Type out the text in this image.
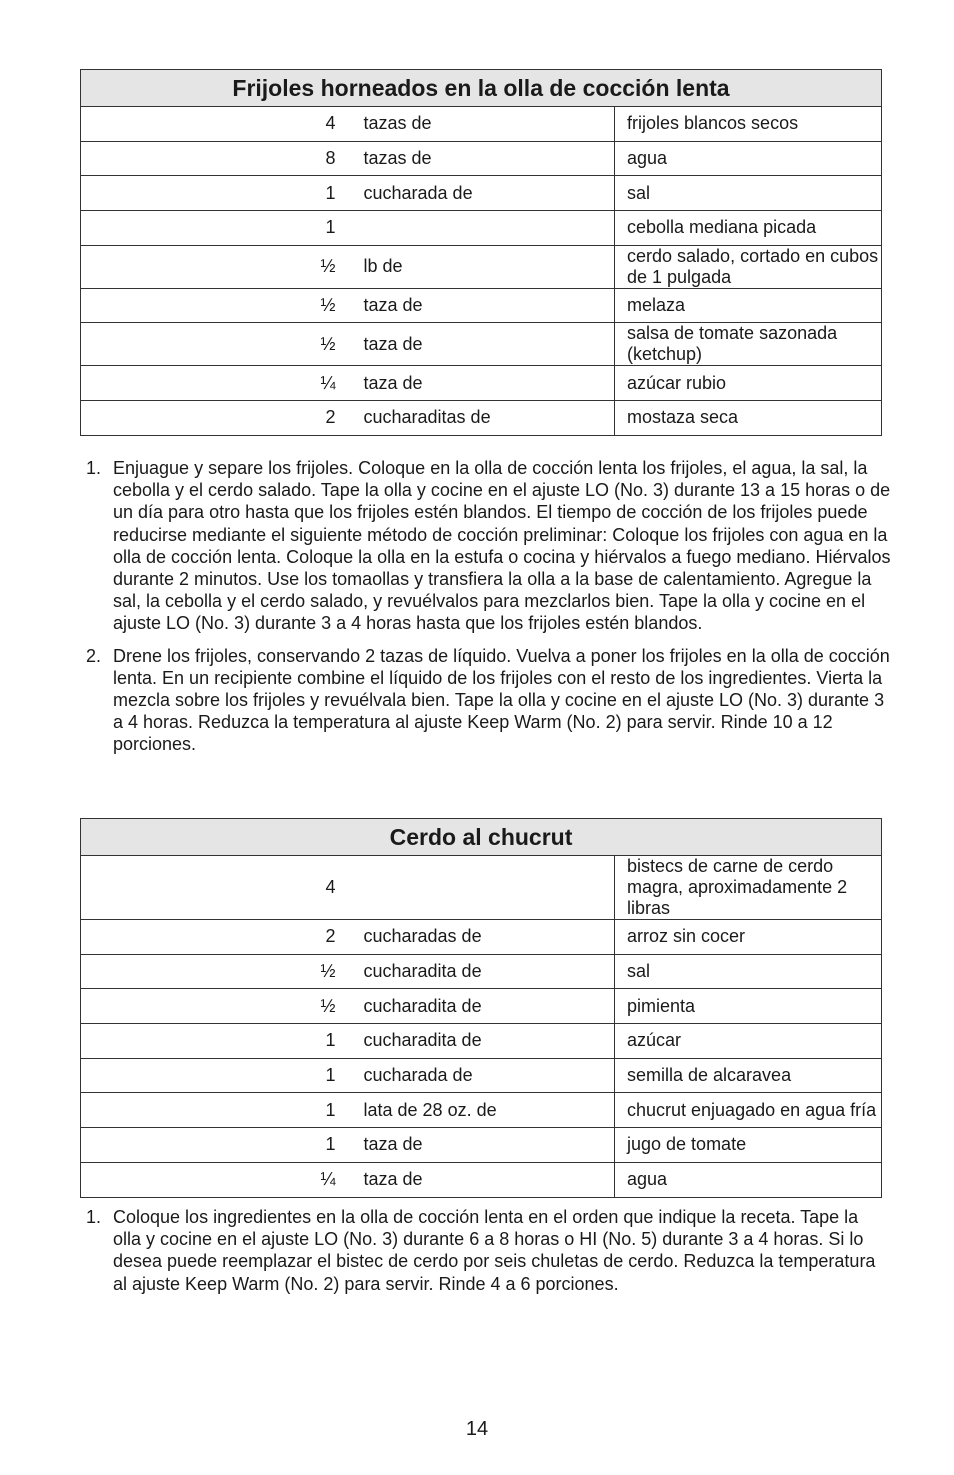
Frijoles horneados en la olla de cocción lenta		
4	tazas de	frijoles blancos secos
8	tazas de	agua
1	cucharada de	sal
1		cebolla mediana picada
½	lb de	cerdo salado, cortado en cubos de 1 pulgada
½	taza de	melaza
½	taza de	salsa de tomate sazonada (ketchup)
¼	taza de	azúcar rubio
2	cucharaditas de	mostaza seca
1. Enjuague y separe los frijoles. Coloque en la olla de cocción lenta los frijoles, el agua, la sal, la cebolla y el cerdo salado. Tape la olla y cocine en el ajuste LO (No. 3) durante 13 a 15 horas o de un día para otro hasta que los frijoles estén blandos. El tiempo de cocción de los frijoles puede reducirse mediante el siguiente método de cocción preliminar: Coloque los frijoles con agua en la olla de cocción lenta. Coloque la olla en la estufa o cocina y hiérvalos a fuego mediano. Hiérvalos durante 2 minutos. Use los tomaollas y transfiera la olla a la base de calentamiento. Agregue la sal, la cebolla y el cerdo salado, y revuélvalos para mezclarlos bien. Tape la olla y cocine en el ajuste LO (No. 3) durante 3 a 4 horas hasta que los frijoles estén blandos.
2. Drene los frijoles, conservando 2 tazas de líquido. Vuelva a poner los frijoles en la olla de cocción lenta. En un recipiente combine el líquido de los frijoles con el resto de los ingredientes. Vierta la mezcla sobre los frijoles y revuélvala bien. Tape la olla y cocine en el ajuste LO (No. 3) durante 3 a 4 horas. Reduzca la temperatura al ajuste Keep Warm (No. 2) para servir. Rinde 10 a 12 porciones.
Cerdo al chucrut		
4		bistecs de carne de cerdo magra, aproximadamente 2 libras
2	cucharadas de	arroz sin cocer
½	cucharadita de	sal
½	cucharadita de	pimienta
1	cucharadita de	azúcar
1	cucharada de	semilla de alcaravea
1	lata de 28 oz. de	chucrut enjuagado en agua fría
1	taza de	jugo de tomate
¼	taza de	agua
1. Coloque los ingredientes en la olla de cocción lenta en el orden que indique la receta. Tape la olla y cocine en el ajuste LO (No. 3) durante 6 a 8 horas o HI (No. 5) durante 3 a 4 horas. Si lo desea puede reemplazar el bistec de cerdo por seis chuletas de cerdo. Reduzca la temperatura al ajuste Keep Warm (No. 2) para servir. Rinde 4 a 6 porciones.
14
